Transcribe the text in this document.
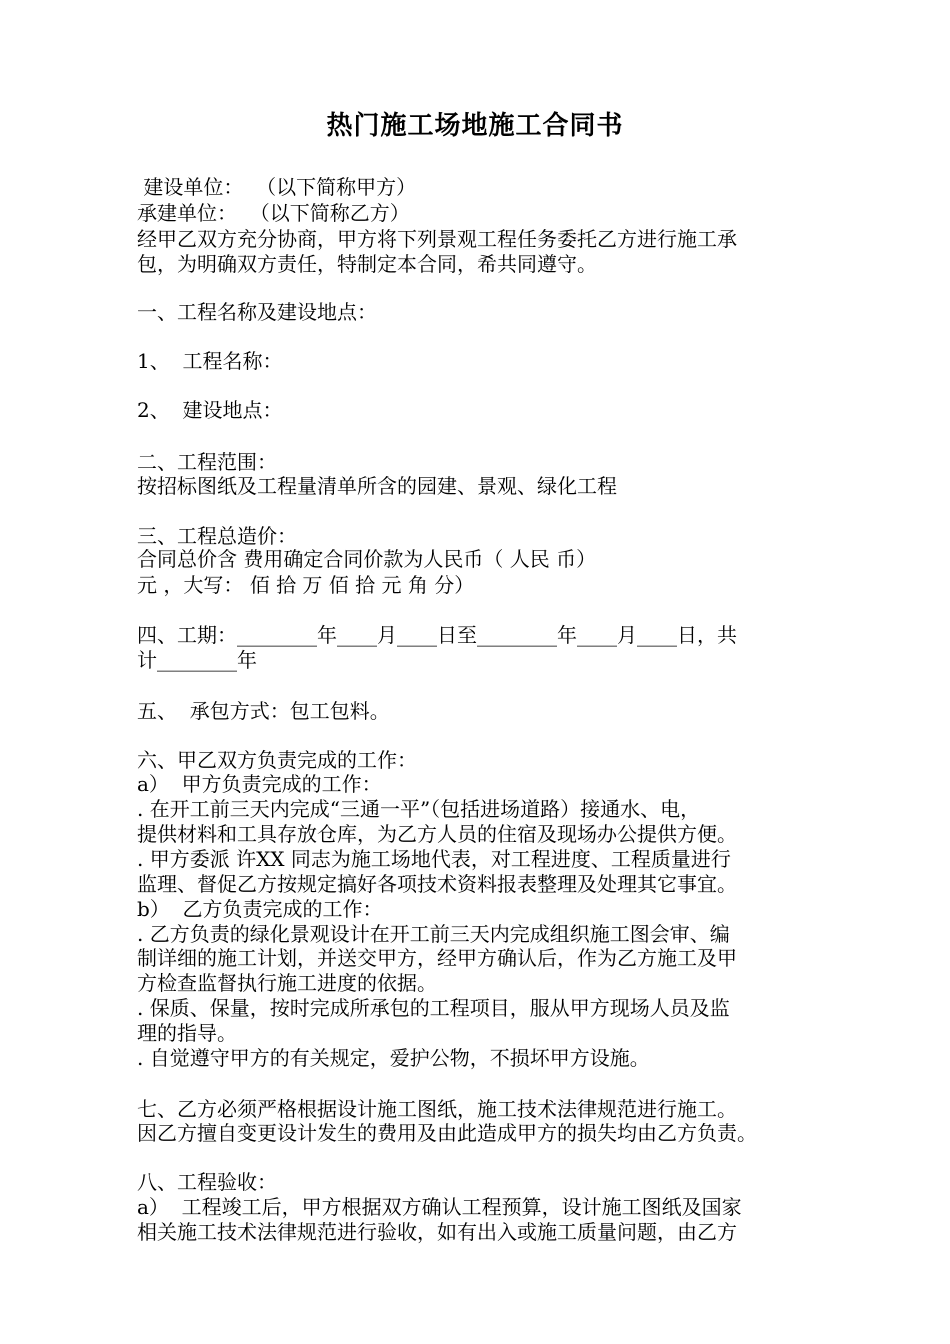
热门施工场地施工合同书

建设单位：  （以下简称甲方）

承建单位：  （以下简称乙方）

经甲乙双方充分协商，甲方将下列景观工程任务委托乙方进行施工承

包，为明确双方责任，特制定本合同，希共同遵守。

一、工程名称及建设地点：

1、  工程名称：

2、  建设地点：

二、工程范围：

按招标图纸及工程量清单所含的园建、景观、绿化工程

三、工程总造价：

合同总价含 费用确定合同价款为人民币（ 人民 币）

元 ，大写： 佰 拾 万 佰 拾 元 角 分）

四、工期：________年____月____日至________年____月____日，共

计________年

五、  承包方式：包工包料。

六、甲乙双方负责完成的工作：

a）  甲方负责完成的工作：

. 在开工前三天内完成“三通一平”（包括进场道路）接通水、电，

提供材料和工具存放仓库，为乙方人员的住宿及现场办公提供方便。

. 甲方委派 许XX 同志为施工场地代表，对工程进度、工程质量进行

监理、督促乙方按规定搞好各项技术资料报表整理及处理其它事宜。

b）  乙方负责完成的工作：

. 乙方负责的绿化景观设计在开工前三天内完成组织施工图会审、编

制详细的施工计划，并送交甲方，经甲方确认后，作为乙方施工及甲

方检查监督执行施工进度的依据。

. 保质、保量，按时完成所承包的工程项目，服从甲方现场人员及监

理的指导。

. 自觉遵守甲方的有关规定，爱护公物，不损坏甲方设施。

七、乙方必须严格根据设计施工图纸，施工技术法律规范进行施工。

因乙方擅自变更设计发生的费用及由此造成甲方的损失均由乙方负责。

八、工程验收：

a）  工程竣工后，甲方根据双方确认工程预算，设计施工图纸及国家

相关施工技术法律规范进行验收，如有出入或施工质量问题，由乙方
